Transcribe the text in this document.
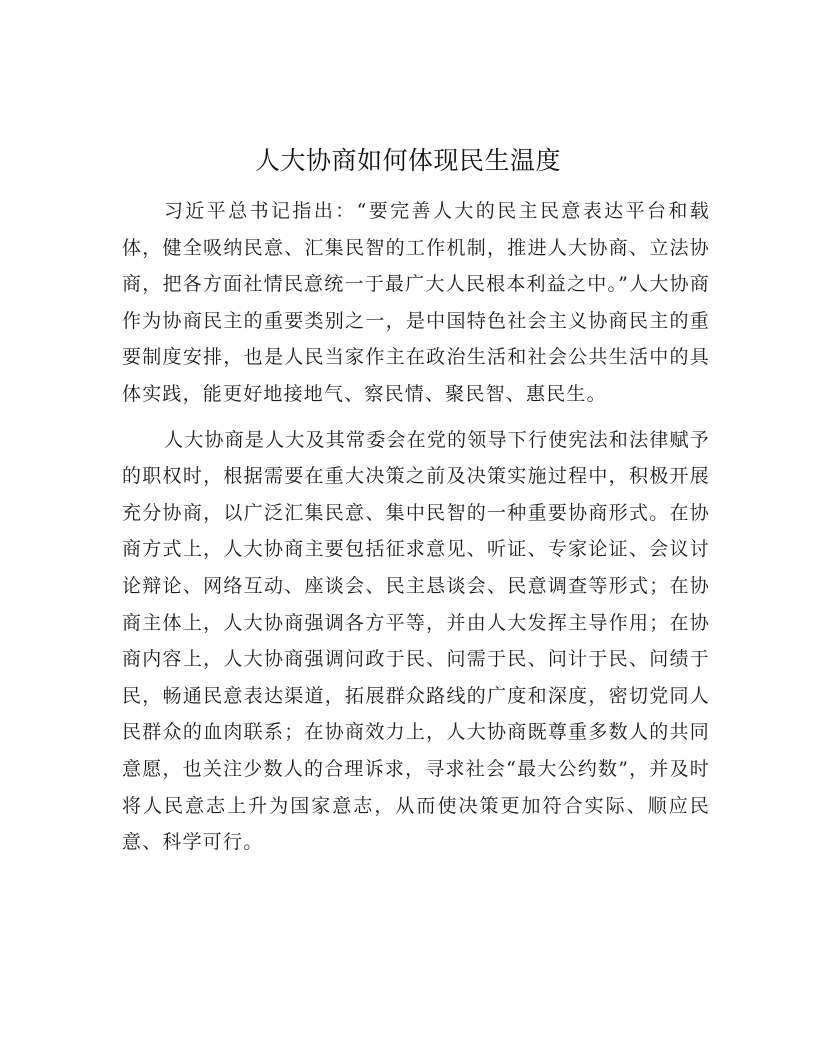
人大协商如何体现民生温度

习近平总书记指出：“要完善人大的民主民意表达平台和载体，健全吸纳民意、汇集民智的工作机制，推进人大协商、立法协商，把各方面社情民意统一于最广大人民根本利益之中。”人大协商作为协商民主的重要类别之一，是中国特色社会主义协商民主的重要制度安排，也是人民当家作主在政治生活和社会公共生活中的具体实践，能更好地接地气、察民情、聚民智、惠民生。

人大协商是人大及其常委会在党的领导下行使宪法和法律赋予的职权时，根据需要在重大决策之前及决策实施过程中，积极开展充分协商，以广泛汇集民意、集中民智的一种重要协商形式。在协商方式上，人大协商主要包括征求意见、听证、专家论证、会议讨论辩论、网络互动、座谈会、民主恳谈会、民意调查等形式；在协商主体上，人大协商强调各方平等，并由人大发挥主导作用；在协商内容上，人大协商强调问政于民、问需于民、问计于民、问绩于民，畅通民意表达渠道，拓展群众路线的广度和深度，密切党同人民群众的血肉联系；在协商效力上，人大协商既尊重多数人的共同意愿，也关注少数人的合理诉求，寻求社会“最大公约数”，并及时将人民意志上升为国家意志，从而使决策更加符合实际、顺应民意、科学可行。
